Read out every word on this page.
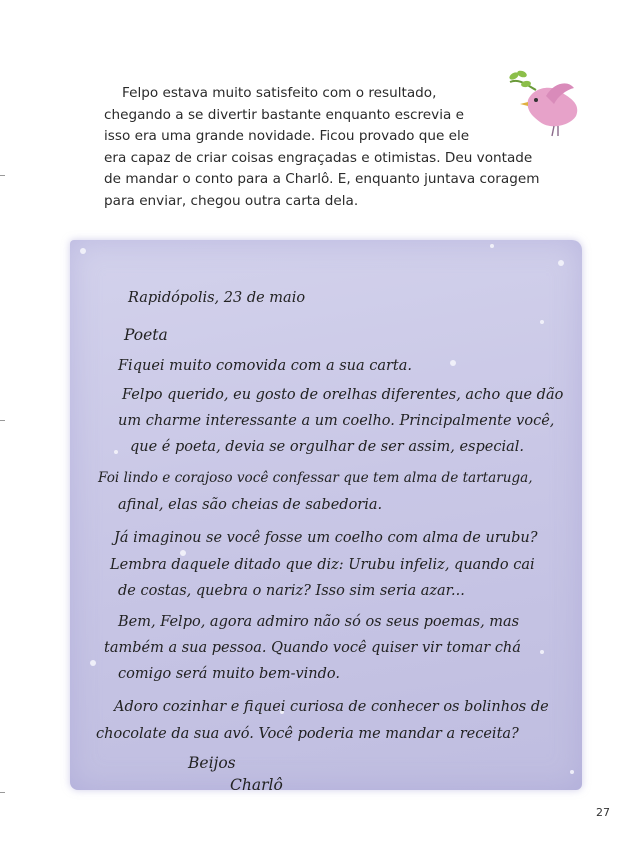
Felpo estava muito satisfeito com o resultado,

chegando a se divertir bastante enquanto escrevia e

isso era uma grande novidade. Ficou provado que ele

era capaz de criar coisas engraçadas e otimistas. Deu vontade

de mandar o conto para a Charlô. E, enquanto juntava coragem

para enviar, chegou outra carta dela.

Rapidópolis, 23 de maio
Poeta
Fiquei muito comovida com a sua carta.
Felpo querido, eu gosto de orelhas diferentes, acho que dão
um charme interessante a um coelho. Principalmente você,
que é poeta, devia se orgulhar de ser assim, especial.
Foi lindo e corajoso você confessar que tem alma de tartaruga,
afinal, elas são cheias de sabedoria.
Já imaginou se você fosse um coelho com alma de urubu?
Lembra daquele ditado que diz: Urubu infeliz, quando cai
de costas, quebra o nariz? Isso sim seria azar...
Bem, Felpo, agora admiro não só os seus poemas, mas
também a sua pessoa. Quando você quiser vir tomar chá
comigo será muito bem-vindo.
Adoro cozinhar e fiquei curiosa de conhecer os bolinhos de
chocolate da sua avó. Você poderia me mandar a receita?
Beijos
Charlô
27
